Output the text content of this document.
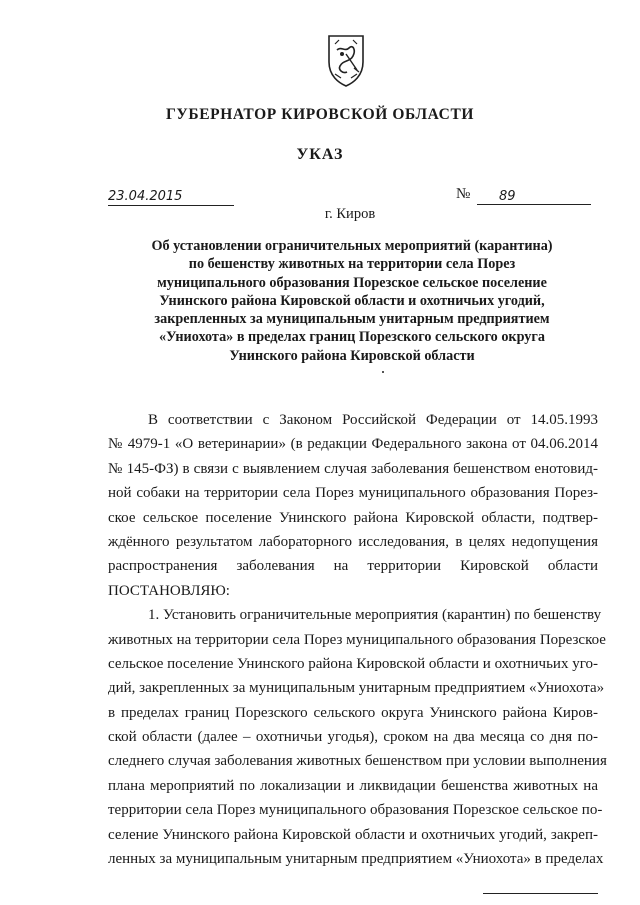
ГУБЕРНАТОР КИРОВСКОЙ ОБЛАСТИ
УКАЗ
23.04.2015	№	89
г. Киров
Об установлении ограничительных мероприятий (карантина)
по бешенству животных на территории села Порез
муниципального образования Порезское сельское поселение
Унинского района Кировской области и охотничьих угодий,
закрепленных за муниципальным унитарным предприятием
«Униохота» в пределах границ Порезского сельского округа
Унинского района Кировской области
В соответствии с Законом Российской Федерации от 14.05.1993
№ 4979-1 «О ветеринарии» (в редакции Федерального закона от 04.06.2014
№ 145-ФЗ) в связи с выявлением случая заболевания бешенством енотовид-
ной собаки на территории села Порез муниципального образования Порез-
ское сельское поселение Унинского района Кировской области, подтвер-
ждённого результатом лабораторного исследования, в целях недопущения
распространения заболевания на территории Кировской области
ПОСТАНОВЛЯЮ:
1. Установить ограничительные мероприятия (карантин) по бешенству
животных на территории села Порез муниципального образования Порезское
сельское поселение Унинского района Кировской области и охотничьих уго-
дий, закрепленных за муниципальным унитарным предприятием «Униохота»
в пределах границ Порезского сельского округа Унинского района Киров-
ской области (далее – охотничьи угодья), сроком на два месяца со дня по-
следнего случая заболевания животных бешенством при условии выполнения
плана мероприятий по локализации и ликвидации бешенства животных на
территории села Порез муниципального образования Порезское сельское по-
селение Унинского района Кировской области и охотничьих угодий, закреп-
ленных за муниципальным унитарным предприятием «Униохота» в пределах
